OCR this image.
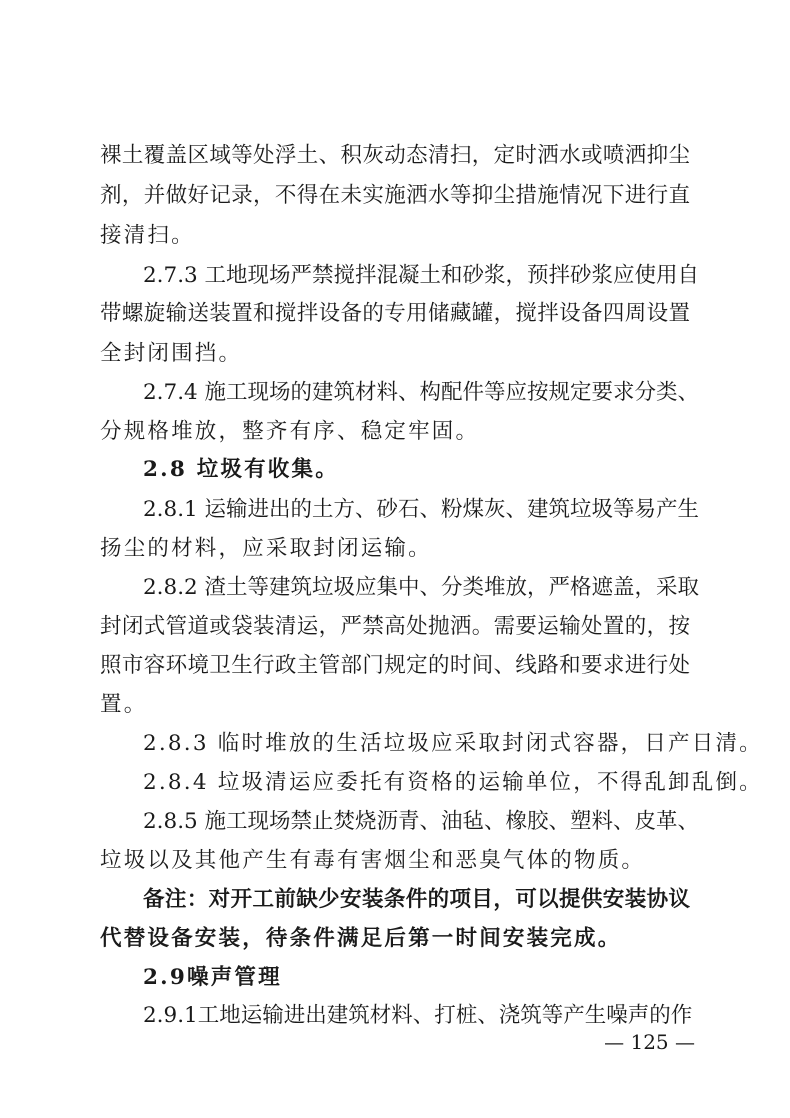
裸土覆盖区域等处浮土、积灰动态清扫，定时洒水或喷洒抑尘
剂，并做好记录，不得在未实施洒水等抑尘措施情况下进行直
接清扫。
2.7.3 工地现场严禁搅拌混凝土和砂浆，预拌砂浆应使用自
带螺旋输送装置和搅拌设备的专用储藏罐，搅拌设备四周设置
全封闭围挡。
2.7.4 施工现场的建筑材料、构配件等应按规定要求分类、
分规格堆放，整齐有序、稳定牢固。
2.8 垃圾有收集。
2.8.1 运输进出的土方、砂石、粉煤灰、建筑垃圾等易产生
扬尘的材料，应采取封闭运输。
2.8.2 渣土等建筑垃圾应集中、分类堆放，严格遮盖，采取
封闭式管道或袋装清运，严禁高处抛洒。需要运输处置的，按
照市容环境卫生行政主管部门规定的时间、线路和要求进行处
置。
2.8.3 临时堆放的生活垃圾应采取封闭式容器，日产日清。
2.8.4 垃圾清运应委托有资格的运输单位，不得乱卸乱倒。
2.8.5 施工现场禁止焚烧沥青、油毡、橡胶、塑料、皮革、
垃圾以及其他产生有毒有害烟尘和恶臭气体的物质。
备注：对开工前缺少安装条件的项目，可以提供安装协议
代替设备安装，待条件满足后第一时间安装完成。
2.9噪声管理
2.9.1工地运输进出建筑材料、打桩、浇筑等产生噪声的作
— 125 —
